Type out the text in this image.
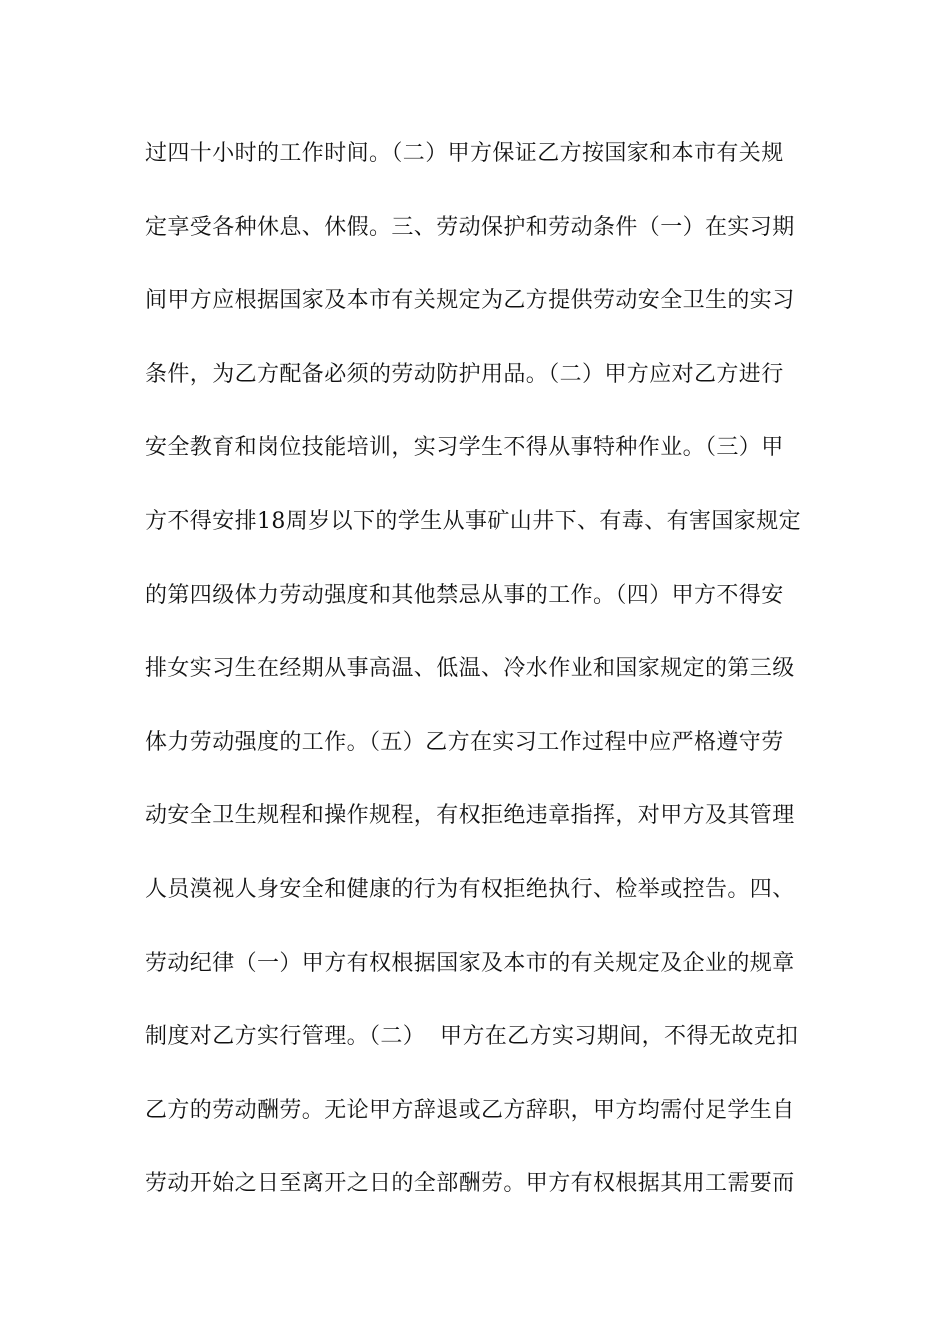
过四十小时的工作时间。（二）甲方保证乙方按国家和本市有关规
定享受各种休息、休假。三、劳动保护和劳动条件（一）在实习期
间甲方应根据国家及本市有关规定为乙方提供劳动安全卫生的实习
条件，为乙方配备必须的劳动防护用品。（二）甲方应对乙方进行
安全教育和岗位技能培训，实习学生不得从事特种作业。（三）甲
方不得安排18周岁以下的学生从事矿山井下、有毒、有害国家规定
的第四级体力劳动强度和其他禁忌从事的工作。（四）甲方不得安
排女实习生在经期从事高温、低温、冷水作业和国家规定的第三级
体力劳动强度的工作。（五）乙方在实习工作过程中应严格遵守劳
动安全卫生规程和操作规程，有权拒绝违章指挥，对甲方及其管理
人员漠视人身安全和健康的行为有权拒绝执行、检举或控告。四、
劳动纪律（一）甲方有权根据国家及本市的有关规定及企业的规章
制度对乙方实行管理。（二）  甲方在乙方实习期间，不得无故克扣
乙方的劳动酬劳。无论甲方辞退或乙方辞职，甲方均需付足学生自
劳动开始之日至离开之日的全部酬劳。甲方有权根据其用工需要而
